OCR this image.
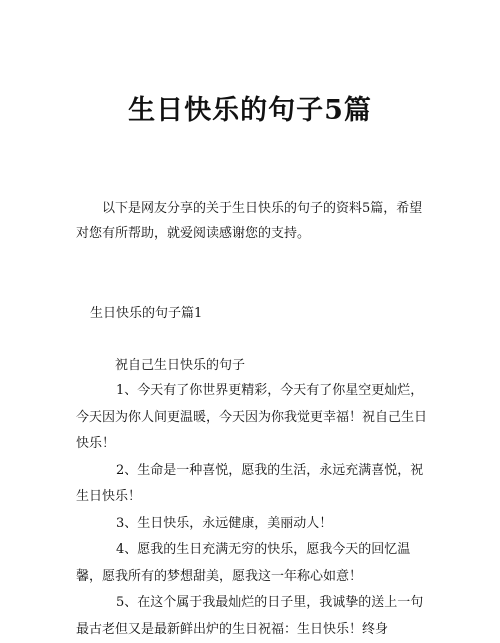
生日快乐的句子5篇

以下是网友分享的关于生日快乐的句子的资料5篇，希望对您有所帮助，就爱阅读感谢您的支持。

生日快乐的句子篇1
祝自己生日快乐的句子

1、今天有了你世界更精彩，今天有了你星空更灿烂，今天因为你人间更温暖，今天因为你我觉更幸福！祝自己生日快乐！

2、生命是一种喜悦，愿我的生活，永远充满喜悦，祝生日快乐！

3、生日快乐，永远健康，美丽动人！

4、愿我的生日充满无穷的快乐，愿我今天的回忆温馨，愿我所有的梦想甜美，愿我这一年称心如意！

5、在这个属于我最灿烂的日子里，我诚挚的送上一句最古老但又是最新鲜出炉的生日祝福：生日快乐！终身
